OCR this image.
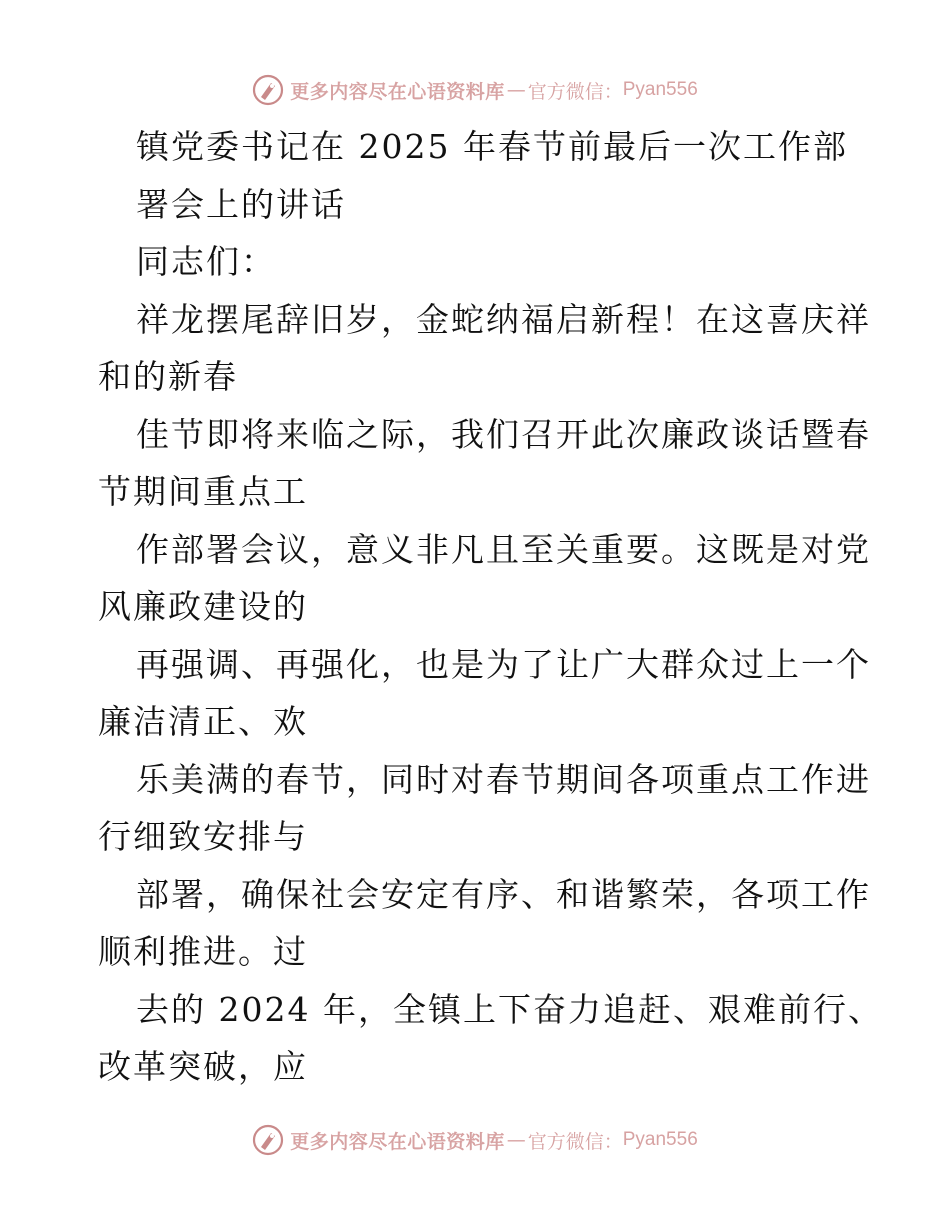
更多内容尽在心语资料库 — 官方微信： Pyan556
镇党委书记在 2025 年春节前最后一次工作部
署会上的讲话
同志们：
祥龙摆尾辞旧岁，金蛇纳福启新程！在这喜庆祥
和的新春
佳节即将来临之际，我们召开此次廉政谈话暨春
节期间重点工
作部署会议，意义非凡且至关重要。这既是对党
风廉政建设的
再强调、再强化，也是为了让广大群众过上一个
廉洁清正、欢
乐美满的春节，同时对春节期间各项重点工作进
行细致安排与
部署，确保社会安定有序、和谐繁荣，各项工作
顺利推进。过
去的 2024 年，全镇上下奋力追赶、艰难前行、
改革突破，应
更多内容尽在心语资料库 — 官方微信： Pyan556
